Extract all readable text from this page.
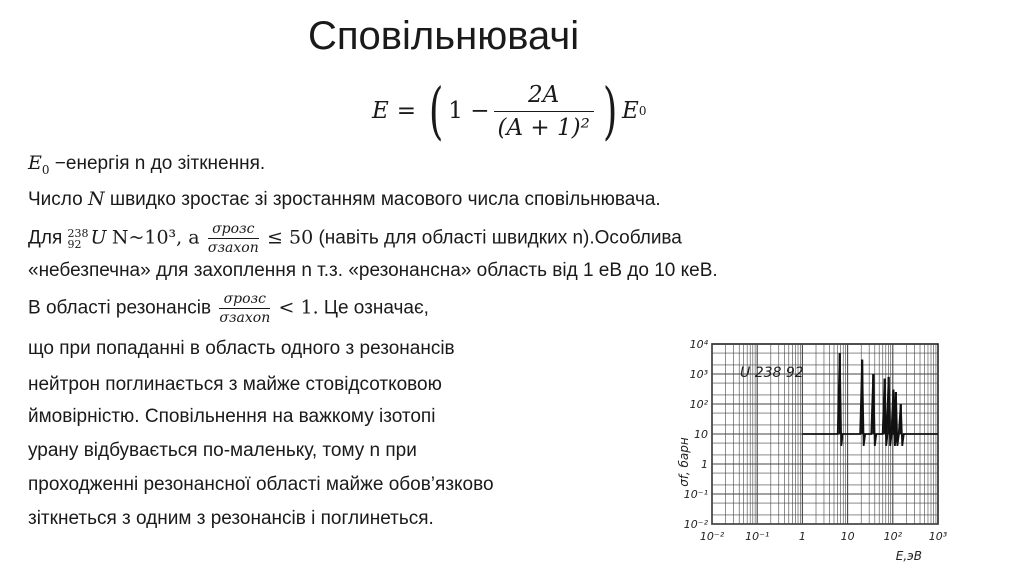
Сповільнювачі
E = ( $1 - \frac{2A}{\text{(A + 1)²}}$ ) E 0
$E_0$ −енергія n до зіткнення.
Число N швидко зростає зі зростанням масового числа сповільнювача.
Для 238
92 U N~10³, а $\frac{\text{σрозс}}{\text{σзахоп}} \le 50$ (навіть для області швидких n).Особлива
«небезпечна» для захоплення n т.з. «резонансна» область від 1 еВ до 10 кеВ.
В області резонансів $\frac{\text{σрозс}}{\text{σзахоп}} < 1$. Це означає,
що при попаданні в область одного з резонансів
нейтрон поглинається з майже стовідсотковою
ймовірністю. Сповільнення на важкому ізотопі
урану відбувається по-маленьку, тому n при
проходженні резонансної області майже обов’язково
зіткнеться з одним з резонансів і поглинеться.
10⁻² 10⁻¹	1	10	10² 10³
10⁻²
10⁻¹
1
10
10²
10³
10⁴
U 238 92
σf, барн
E,эВ
